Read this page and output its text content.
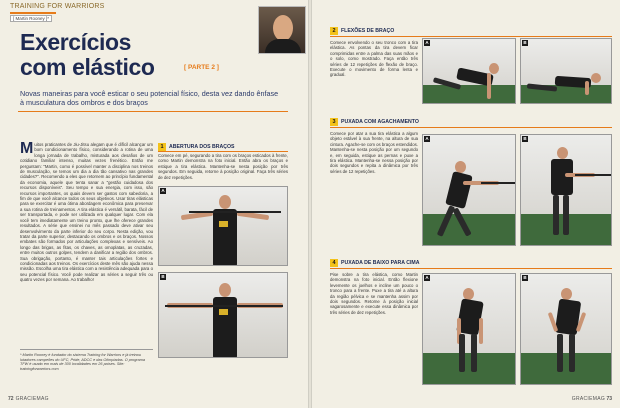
TRAINING FOR WARRIORS
[ Martin Rooney ]*
Exercícios
com elástico	[ PARTE 2 ]
Novas maneiras para você esticar o seu potencial físico, desta vez dando ênfase à musculatura dos ombros e dos braços
Muitos praticantes de Jiu-Jitsu alegam que é difícil alcançar um bom condicionamento físico, considerando a rotina de uma longa jornada de trabalho, misturada aos desafios de um cotidiano familiar intenso, muitas vezes frenético. Então me perguntam: "Martin, como é possível manter a disciplina nos treinos de musculação, se temos um dia a dia tão cansativo nas grandes cidades?". Recomendo a eles que retornem ao princípio fundamental da economia, aquele que tenta sanar a "gestão cuidadosa dos recursos disponíveis". Seu tempo e sua energia, com isso, são recursos importantes, os quais devem ser gastos com sabedoria, a fim de que você alcance todos os seus objetivos. Usar tiras elásticas para se exercitar é uma ótima abordagem econômica para preservar a sua rotina de treinamentos. A tira elástica é versátil, barata, fácil de ser transportada, e pode ser utilizada em qualquer lugar. Com ela você tem imediatamente um treino pronto, que lhe oferece grandes resultados. A série que ensinei no mês passado deve ativar seu desenvolvimento da parte inferior do seu corpo. Nesta edição, vou tratar da parte superior, destacando os ombros e os braços. Nossos embates são formados por articulações complexas e sensíveis. Ao longo das brigas, as fitas, os chaves, as omoplatas, as cruzadas, entre muitos outros golpes, tendem a danificar a região dos ombros. Sua obrigação, portanto, é manter tais articulações fortes e condicionadas aos treinos. Os exercícios deste mês são ajuda nessa missão. Escolha uma tira elástica com a resistência adequada para o seu potencial físico. Você pode realizar as séries a seguir três ou quatro vezes por semana. Ao trabalho!
* Martin Rooney é fundador do sistema Training for Warriors e já treinou lutadores campeões do UFC, Pride, ADCC e das Olimpíadas. O programa TFW é usado em mais de 300 localidades em 26 países. Site: trainingforwarriors.com
1	ABERTURA DOS BRAÇOS
Comece em pé, segurando a tira com os braços esticados à frente, como Martin demonstra na foto inicial. Então abra os braços e estique a tira elástica. Mantenha-se nesta posição por três segundos. Em seguida, retorne à posição original. Faça três séries de dez repetições.
A
B
72 GRACIEMAG
2	FLEXÕES DE BRAÇO
Comece envolvendo o seu tronco com a tira elástica. As pontas da tira devem ficar comprimidas entre a palma das suas mãos e o solo, como mostrado. Faça então três séries de 12 repetições de flexão de braço. Execute o movimento de forma lenta e gradual.
A	B
3	PUXADA COM AGACHAMENTO
Comece por atar a sua tira elástica a algum objeto estável à sua frente, na altura de sua cintura. Agache-se com os braços estendidos. Mantenha-se nesta posição por um segundo e, em seguida, estique as pernas e puxe a tira elástica. Mantenha-se nessa posição por dois segundos e repita a dinâmica por três séries de 12 repetições.
A	B
4	PUXADA DE BAIXO PARA CIMA
Pise sobre a tira elástica, como Martin demonstra na foto inicial. Então flexione levemente os joelhos e incline um pouco o tronco para a frente. Puxe a tira até a altura da região pélvica e se mantenha assim por dois segundos. Retorne à posição inicial vagarosamente e execute essa dinâmica por três séries de dez repetições.
A	B
GRACIEMAG 73
